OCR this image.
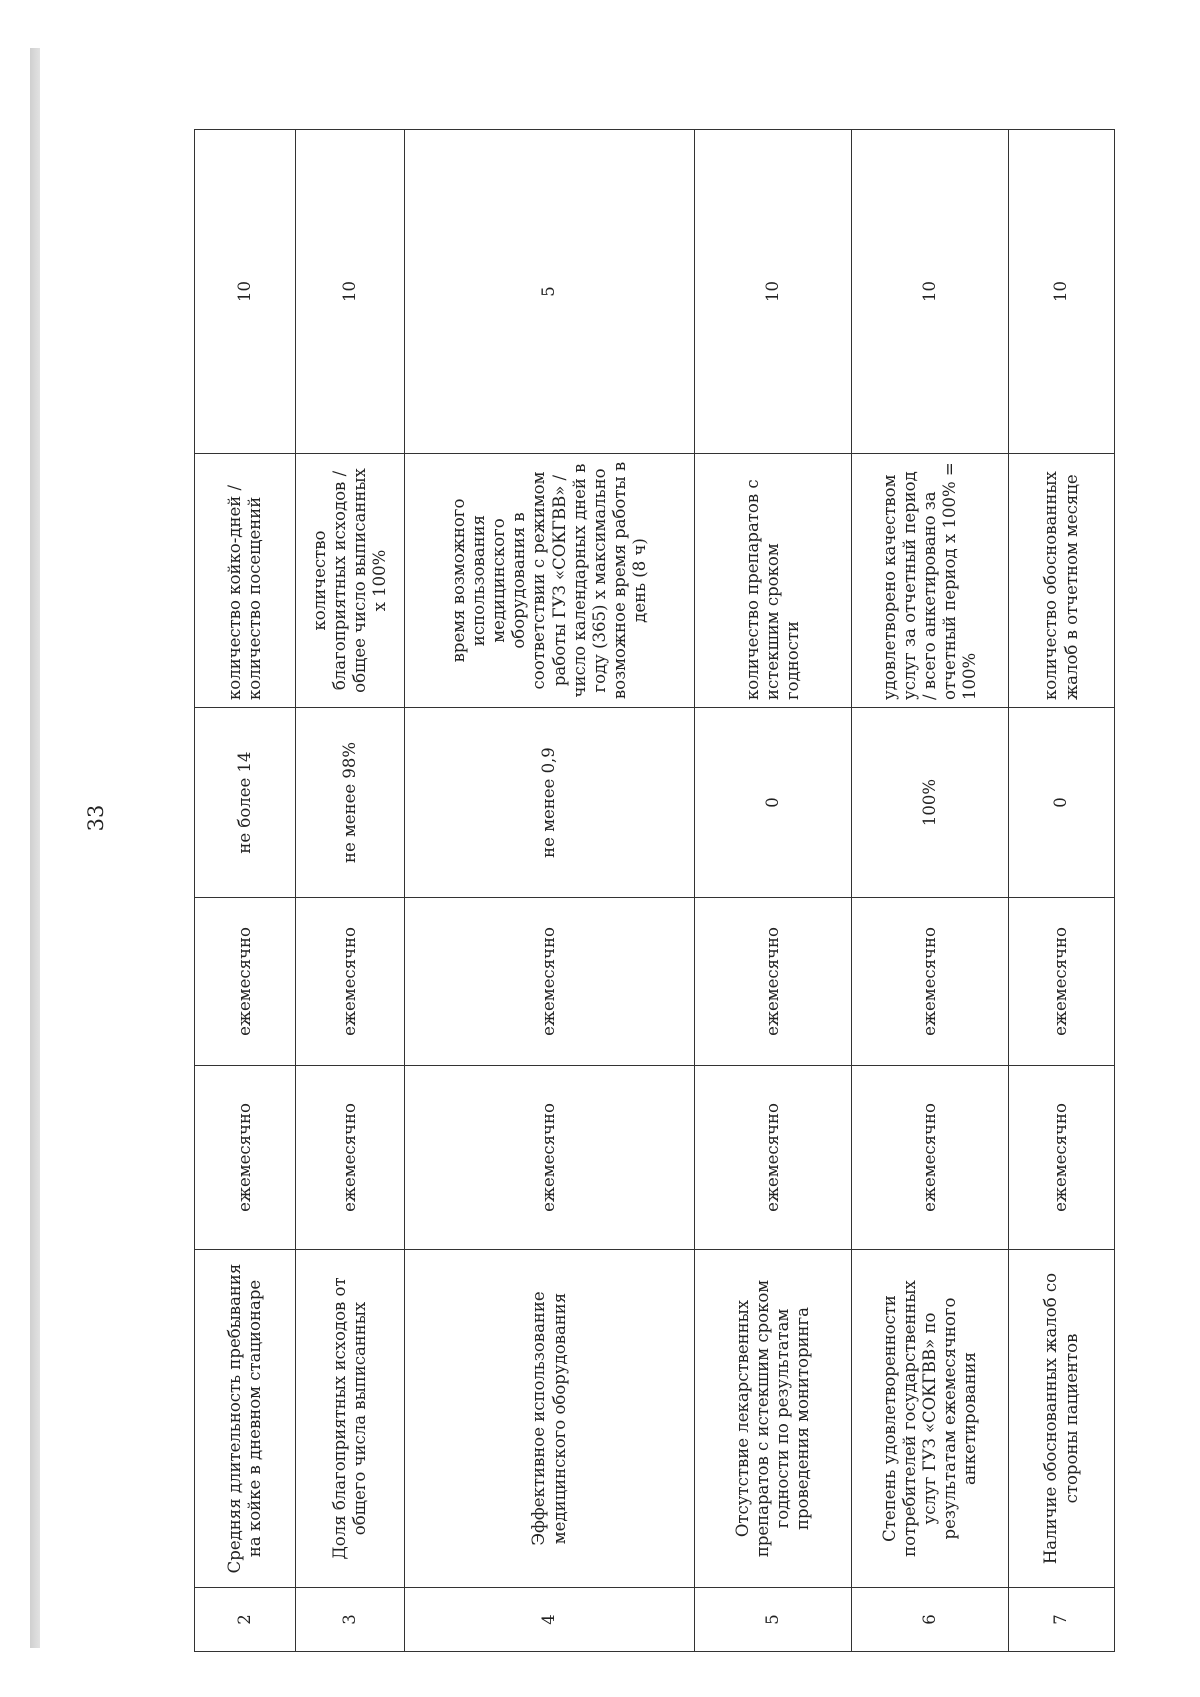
33
2	Средняя длительность пребывания на койке в дневном стационаре	ежемесячно	ежемесячно	не более 14	количество койко-дней / количество посещений	10
3	Доля благоприятных исходов от общего числа выписанных	ежемесячно	ежемесячно	не менее 98%	количество благоприятных исходов / общее число выписанных x 100%	10
4	Эффективное использование медицинского оборудования	ежемесячно	ежемесячно	не менее 0,9	время возможного использования медицинского оборудования в соответствии с режимом работы ГУЗ «СОКГВВ» / число календарных дней в году (365) x максимально возможное время работы в день (8 ч)	5
5	Отсутствие лекарственных препаратов с истекшим сроком годности по результатам проведения мониторинга	ежемесячно	ежемесячно	0	количество препаратов с истекшим сроком годности	10
6	Степень удовлетворенности потребителей государственных услуг ГУЗ «СОКГВВ» по результатам ежемесячного анкетирования	ежемесячно	ежемесячно	100%	удовлетворено качеством услуг за отчетный период / всего анкетировано за отчетный период x 100% = 100%	10
7	Наличие обоснованных жалоб со стороны пациентов	ежемесячно	ежемесячно	0	количество обоснованных жалоб в отчетном месяце	10
